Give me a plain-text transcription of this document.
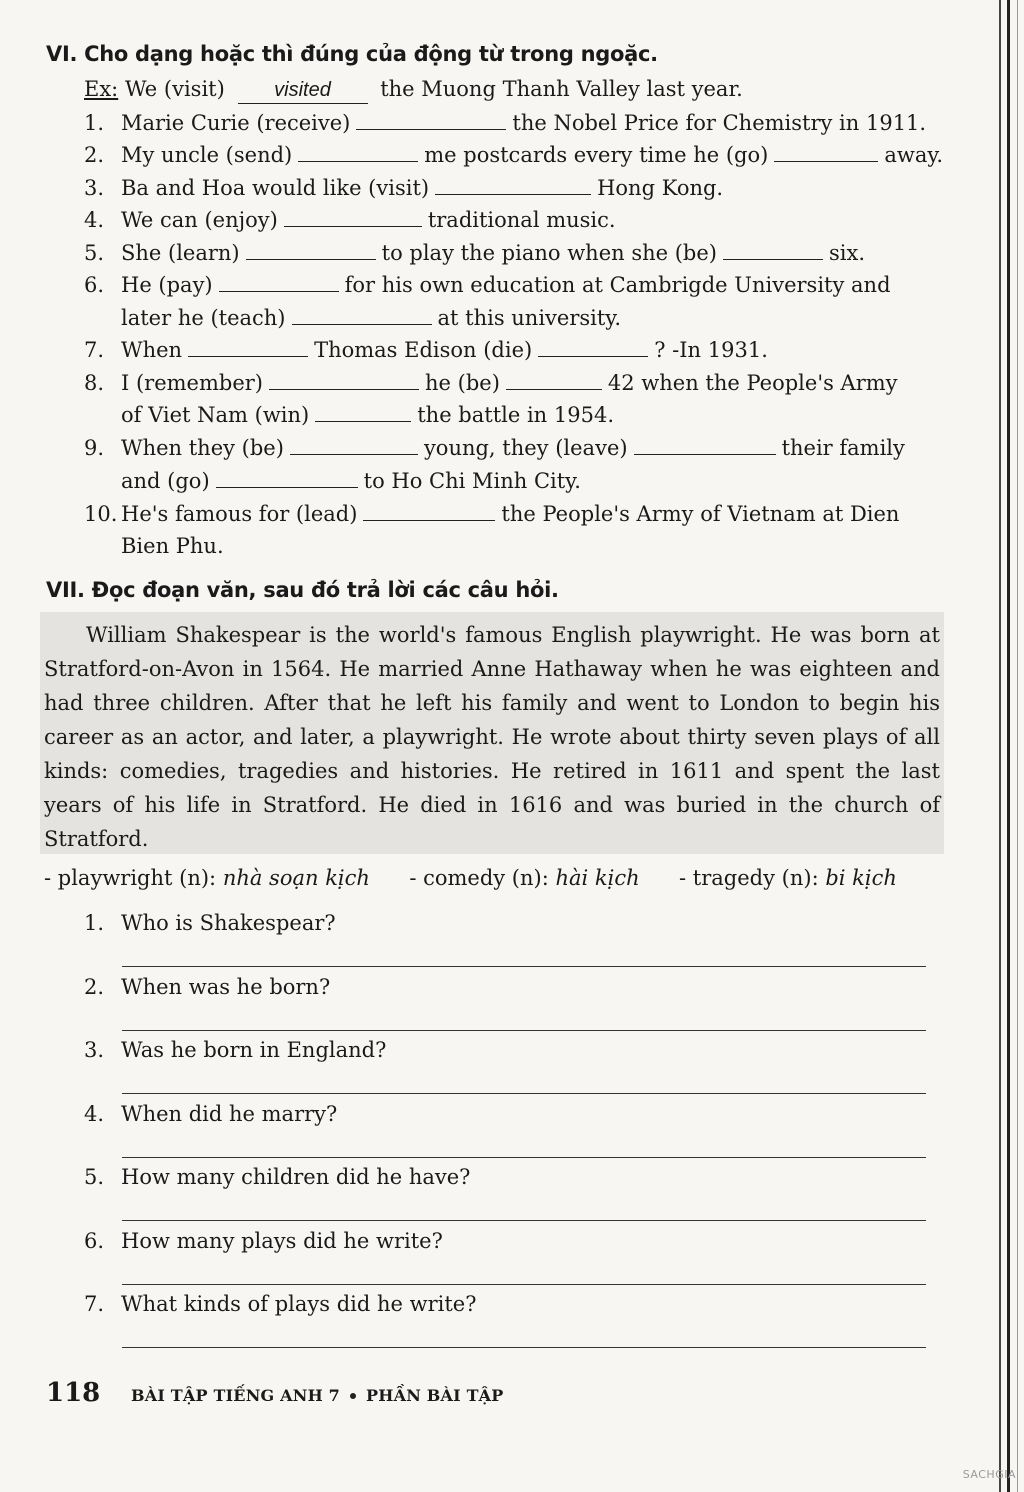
VI. Cho dạng hoặc thì đúng của động từ trong ngoặc.
Ex: We (visit) visited the Muong Thanh Valley last year.
1. Marie Curie (receive)	the Nobel Price for Chemistry in 1911.
2. My uncle (send)	me postcards every time he (go)	away.
3. Ba and Hoa would like (visit)	Hong Kong.
4. We can (enjoy)	traditional music.
5. She (learn)	to play the piano when she (be)	six.
6. He (pay)	for his own education at Cambrigde University and
later he (teach)	at this university.
7. When	Thomas Edison (die)	? -In 1931.
8. I (remember)	he (be)	42 when the People's Army
of Viet Nam (win)	the battle in 1954.
9. When they (be)	young, they (leave)	their family
and (go)	to Ho Chi Minh City.
10. He's famous for (lead)	the People's Army of Vietnam at Dien
Bien Phu.
VII. Đọc đoạn văn, sau đó trả lời các câu hỏi.

William Shakespear is the world's famous English playwright. He was born at Stratford-on-Avon in 1564. He married Anne Hathaway when he was eighteen and had three children. After that he left his family and went to London to begin his career as an actor, and later, a playwright. He wrote about thirty seven plays of all kinds: comedies, tragedies and histories. He retired in 1611 and spent the last years of his life in Stratford. He died in 1616 and was buried in the church of Stratford.

- playwright (n): nhà soạn kịch - comedy (n): hài kịch - tragedy (n): bi kịch
1. Who is Shakespear?
2. When was he born?
3. Was he born in England?
4. When did he marry?
5. How many children did he have?
6. How many plays did he write?
7. What kinds of plays did he write?
118 BÀI TẬP TIẾNG ANH 7 PHẦN BÀI TẬP
SACHGIA
